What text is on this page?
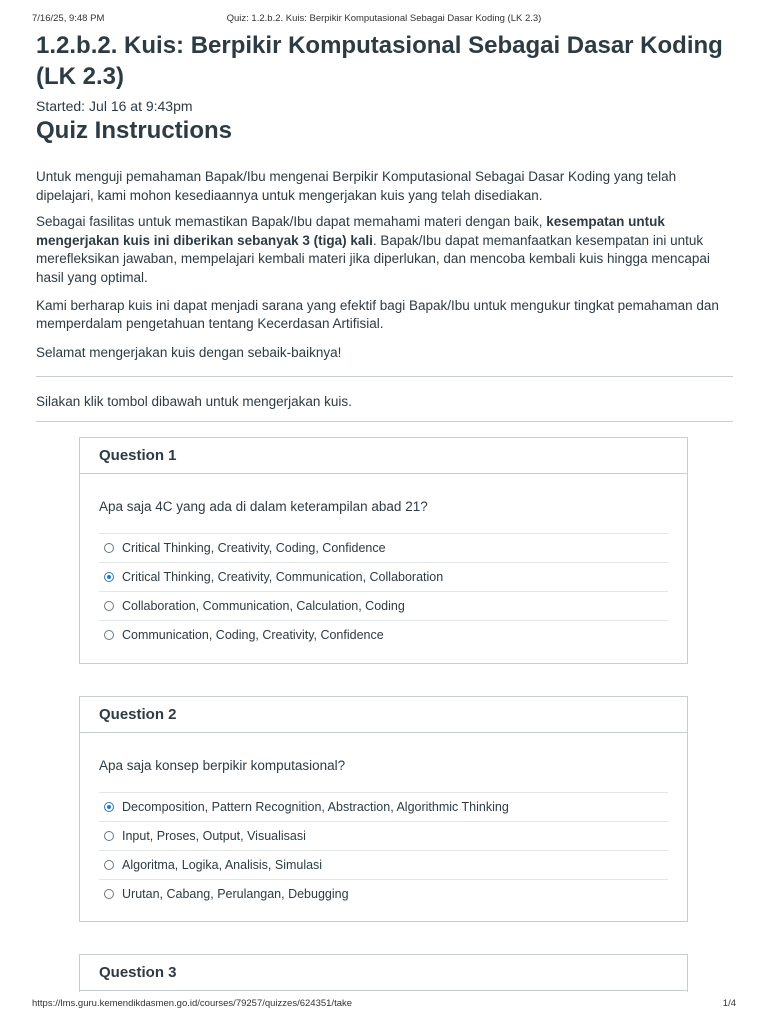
7/16/25, 9:48 PM	Quiz: 1.2.b.2. Kuis: Berpikir Komputasional Sebagai Dasar Koding (LK 2.3)
1.2.b.2. Kuis: Berpikir Komputasional Sebagai Dasar Koding (LK 2.3)
Started: Jul 16 at 9:43pm
Quiz Instructions

Untuk menguji pemahaman Bapak/Ibu mengenai Berpikir Komputasional Sebagai Dasar Koding yang telah dipelajari, kami mohon kesediaannya untuk mengerjakan kuis yang telah disediakan.

Sebagai fasilitas untuk memastikan Bapak/Ibu dapat memahami materi dengan baik, kesempatan untuk mengerjakan kuis ini diberikan sebanyak 3 (tiga) kali. Bapak/Ibu dapat memanfaatkan kesempatan ini untuk merefleksikan jawaban, mempelajari kembali materi jika diperlukan, dan mencoba kembali kuis hingga mencapai hasil yang optimal.

Kami berharap kuis ini dapat menjadi sarana yang efektif bagi Bapak/Ibu untuk mengukur tingkat pemahaman dan memperdalam pengetahuan tentang Kecerdasan Artifisial.

Selamat mengerjakan kuis dengan sebaik-baiknya!

Silakan klik tombol dibawah untuk mengerjakan kuis.
Question 1
Apa saja 4C yang ada di dalam keterampilan abad 21?
Critical Thinking, Creativity, Coding, Confidence
Critical Thinking, Creativity, Communication, Collaboration
Collaboration, Communication, Calculation, Coding
Communication, Coding, Creativity, Confidence
Question 2
Apa saja konsep berpikir komputasional?
Decomposition, Pattern Recognition, Abstraction, Algorithmic Thinking
Input, Proses, Output, Visualisasi
Algoritma, Logika, Analisis, Simulasi
Urutan, Cabang, Perulangan, Debugging
Question 3
https://lms.guru.kemendikdasmen.go.id/courses/79257/quizzes/624351/take	1/4
